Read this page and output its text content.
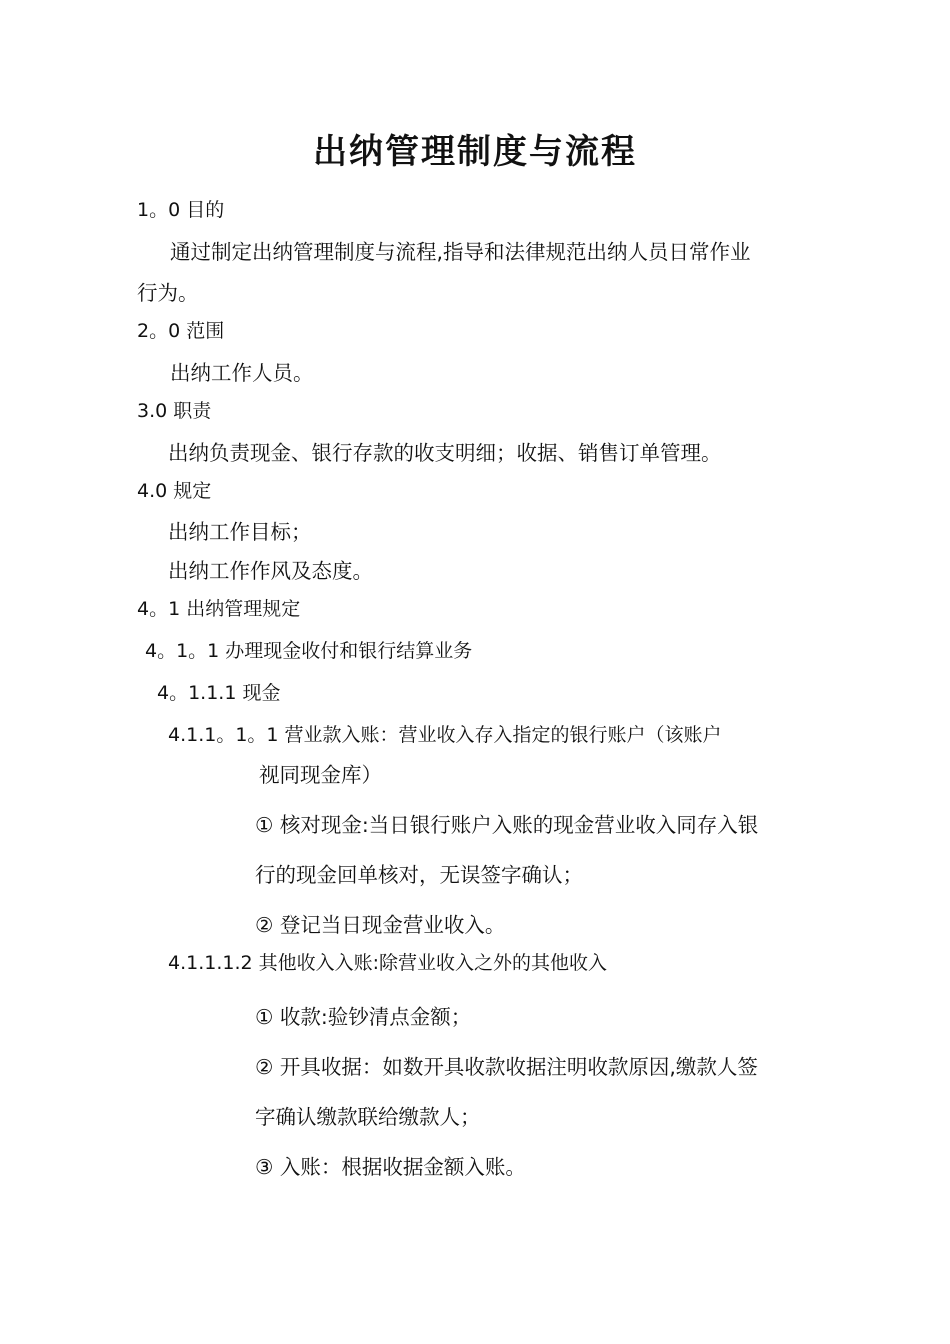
出纳管理制度与流程
1。0 目的
通过制定出纳管理制度与流程,指导和法律规范出纳人员日常作业
行为。
2。0 范围
出纳工作人员。
3.0 职责
出纳负责现金、银行存款的收支明细；收据、销售订单管理。
4.0 规定
出纳工作目标；
出纳工作作风及态度。
4。1 出纳管理规定
4。1。1 办理现金收付和银行结算业务
4。1.1.1 现金
4.1.1。1。1 营业款入账：营业收入存入指定的银行账户（该账户
视同现金库）
① 核对现金:当日银行账户入账的现金营业收入同存入银
行的现金回单核对，无误签字确认；
② 登记当日现金营业收入。
4.1.1.1.2 其他收入入账:除营业收入之外的其他收入
① 收款:验钞清点金额；
② 开具收据：如数开具收款收据注明收款原因,缴款人签
字确认缴款联给缴款人；
③ 入账：根据收据金额入账。
